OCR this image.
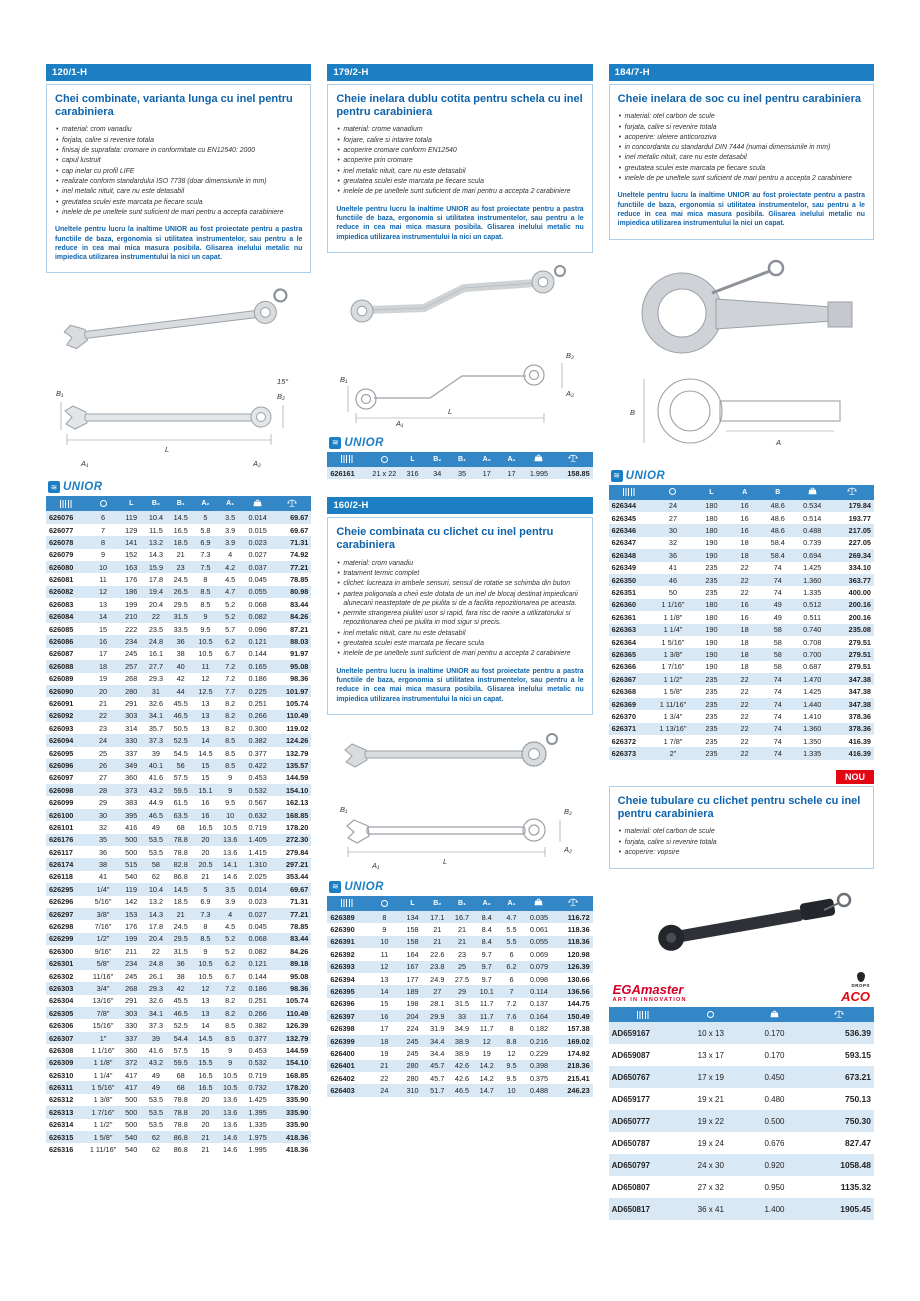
120/1-H
Chei combinate, varianta lunga cu inel pentru carabiniera
• material: crom vanadiu
• forjata, calire si revenire totala
• finisaj de suprafata: cromare in conformitate cu EN12540: 2000
• capul lustruit
• cap inelar cu profil LIFE
• realizate conform standardului ISO 7738 (doar dimensiunile in mm)
• inel metalic nituit, care nu este detasabil
• greutatea sculei este marcata pe fiecare scula
• inelele de pe uneltele sunt suficient de mari pentru a accepta carabiniere

Uneltele pentru lucru la inaltime UNIOR au fost proiectate pentru a pastra functiile de baza, ergonomia si utilitatea instrumentelor, sau pentru a le reduce in cea mai mica masura posibila. Glisarea inelului metalic nu impiedica utilizarea instrumentului la nici un capat.

B₁	B₂
L
A₁	A₂
15°
≋ UNIOR
		L	B₂	B₁	A₂	A₁		
626076	6	119	10.4	14.5	5	3.5	0.014	69.67
626077	7	129	11.5	16.5	5.8	3.9	0.015	69.67
626078	8	141	13.2	18.5	6.9	3.9	0.023	71.31
626079	9	152	14.3	21	7.3	4	0.027	74.92
626080	10	163	15.9	23	7.5	4.2	0.037	77.21
626081	11	176	17.8	24.5	8	4.5	0.045	78.85
626082	12	186	19.4	26.5	8.5	4.7	0.055	80.98
626083	13	199	20.4	29.5	8.5	5.2	0.068	83.44
626084	14	210	22	31.5	9	5.2	0.082	84.26
626085	15	222	23.5	33.5	9.5	5.7	0.096	87.21
626086	16	234	24.8	36	10.5	6.2	0.121	88.03
626087	17	245	16.1	38	10.5	6.7	0.144	91.97
626088	18	257	27.7	40	11	7.2	0.165	95.08
626089	19	268	29.3	42	12	7.2	0.186	98.36
626090	20	280	31	44	12.5	7.7	0.225	101.97
626091	21	291	32.6	45.5	13	8.2	0.251	105.74
626092	22	303	34.1	46.5	13	8.2	0.266	110.49
626093	23	314	35.7	50.5	13	8.2	0.300	119.02
626094	24	330	37.3	52.5	14	8.5	0.382	124.26
626095	25	337	39	54.5	14.5	8.5	0.377	132.79
626096	26	349	40.1	56	15	8.5	0.422	135.57
626097	27	360	41.6	57.5	15	9	0.453	144.59
626098	28	373	43.2	59.5	15.1	9	0.532	154.10
626099	29	383	44.9	61.5	16	9.5	0.567	162.13
626100	30	395	46.5	63.5	16	10	0.632	168.85
626101	32	416	49	68	16.5	10.5	0.719	178.20
626176	35	500	53.5	78.8	20	13.6	1.405	272.30
626117	36	500	53.5	78.8	20	13.6	1.415	279.84
626174	38	515	58	82.8	20.5	14.1	1.310	297.21
626118	41	540	62	86.8	21	14.6	2.025	353.44
626295	1/4"	119	10.4	14.5	5	3.5	0.014	69.67
626296	5/16"	142	13.2	18.5	6.9	3.9	0.023	71.31
626297	3/8"	153	14.3	21	7.3	4	0.027	77.21
626298	7/16"	176	17.8	24.5	8	4.5	0.045	78.85
626299	1/2"	199	20.4	29.5	8.5	5.2	0.068	83.44
626300	9/16"	211	22	31.5	9	5.2	0.082	84.26
626301	5/8"	234	24.8	36	10.5	6.2	0.121	89.18
626302	11/16"	245	26.1	38	10.5	6.7	0.144	95.08
626303	3/4"	268	29.3	42	12	7.2	0.186	98.36
626304	13/16"	291	32.6	45.5	13	8.2	0.251	105.74
626305	7/8"	303	34.1	46.5	13	8.2	0.266	110.49
626306	15/16"	330	37.3	52.5	14	8.5	0.382	126.39
626307	1"	337	39	54.4	14.5	8.5	0.377	132.79
626308	1 1/16"	360	41.6	57.5	15	9	0.453	144.59
626309	1 1/8"	372	43.2	59.5	15.5	9	0.532	154.10
626310	1 1/4"	417	49	68	16.5	10.5	0.719	168.85
626311	1 5/16"	417	49	68	16.5	10.5	0.732	178.20
626312	1 3/8"	500	53.5	78.8	20	13.6	1.425	335.90
626313	1 7/16"	500	53.5	78.8	20	13.6	1.395	335.90
626314	1 1/2"	500	53.5	78.8	20	13.6	1.335	335.90
626315	1 5/8"	540	62	86.8	21	14.6	1.975	418.36
626316	1 11/16"	540	62	86.8	21	14.6	1.995	418.36
179/2-H
Cheie inelara dublu cotita pentru schela cu inel pentru carabiniera
• material: crome vanadium
• forjare, calire si intarire totala
• acoperire cromare conform EN12540
• acoperire prin cromare
• inel metalic nituit, care nu este detasabil
• greutatea sculei este marcata pe fiecare scula
• inelele de pe uneltele sunt suficient de mari pentru a accepta 2 carabiniere

Uneltele pentru lucru la inaltime UNIOR au fost proiectate pentru a pastra functiile de baza, ergonomia si utilitatea instrumentelor, sau pentru a le reduce in cea mai mica masura posibila. Glisarea inelului metalic nu impiedica utilizarea instrumentului la nici un capat.

B₁
B₂
L
A₁
A₂
≋ UNIOR
		L	B₂	B₁	A₂	A₁		
626161	21 x 22	316	34	35	17	17	1.995	158.85
160/2-H
Cheie combinata cu clichet cu inel pentru carabiniera
• material: crom vanadiu
• tratament termic complet
• clichet: lucreaza in ambele sensuri, sensul de rotatie se schimba din buton
• partea poligonala a cheii este dotata de un inel de blocaj destinat impiedicarii alunecarii neasteptate de pe piulita si de a facilita repozitionarea pe aceasta.
• permite strangerea piulitei usor si rapid, fara risc de ranire a utilizatorului si repozitionarea cheii pe piulita in mod sigur si precis.
• inel metalic nituit, care nu este detasabil
• greutatea sculei este marcata pe fiecare scula
• inelele de pe uneltele sunt suficient de mari pentru a accepta 2 carabiniere

Uneltele pentru lucru la inaltime UNIOR au fost proiectate pentru a pastra functiile de baza, ergonomia si utilitatea instrumentelor, sau pentru a le reduce in cea mai mica masura posibila. Glisarea inelului metalic nu impiedica utilizarea instrumentului la nici un capat.

B₁	B₂
L
A₁
A₂
≋ UNIOR
		L	B₂	B₁	A₂	A₁		
626389	8	134	17.1	16.7	8.4	4.7	0.035	116.72
626390	9	158	21	21	8.4	5.5	0.061	118.36
626391	10	158	21	21	8.4	5.5	0.055	118.36
626392	11	164	22.6	23	9.7	6	0.069	120.98
626393	12	167	23.8	25	9.7	6.2	0.079	126.39
626394	13	177	24.9	27.5	9.7	6	0.098	130.66
626395	14	189	27	29	10.1	7	0.114	136.56
626396	15	198	28.1	31.5	11.7	7.2	0.137	144.75
626397	16	204	29.9	33	11.7	7.6	0.164	150.49
626398	17	224	31.9	34.9	11.7	8	0.182	157.38
626399	18	245	34.4	38.9	12	8.8	0.216	169.02
626400	19	245	34.4	38.9	19	12	0.229	174.92
626401	21	280	45.7	42.6	14.2	9.5	0.398	218.36
626402	22	280	45.7	42.6	14.2	9.5	0.375	215.41
626403	24	310	51.7	46.5	14.7	10	0.488	246.23
184/7-H
Cheie inelara de soc cu inel pentru carabiniera
• material: otel carbon de scule
• forjata, calire si revenire totala
• acoperire: uleiere anticoroziva
• in concordanta cu standardul DIN 7444 (numai dimensiunile in mm)
• inel metalic nituit, care nu este detasabil
• greutatea sculei este marcata pe fiecare scula
• inelele de pe uneltele sunt suficient de mari pentru a accepta 2 carabiniere

Uneltele pentru lucru la inaltime UNIOR au fost proiectate pentru a pastra functiile de baza, ergonomia si utilitatea instrumentelor, sau pentru a le reduce in cea mai mica masura posibila. Glisarea inelului metalic nu impiedica utilizarea instrumentului la nici un capat.

B
A
≋ UNIOR
		L	A	B		
626344	24	180	16	48.6	0.534	179.84
626345	27	180	16	48.6	0.514	193.77
626346	30	180	16	48.6	0.488	217.05
626347	32	190	18	58.4	0.739	227.05
626348	36	190	18	58.4	0.694	269.34
626349	41	235	22	74	1.425	334.10
626350	46	235	22	74	1.360	363.77
626351	50	235	22	74	1.335	400.00
626360	1 1/16"	180	16	49	0.512	200.16
626361	1 1/8"	180	16	49	0.511	200.16
626363	1 1/4"	190	18	58	0.740	235.08
626364	1 5/16"	190	18	58	0.708	279.51
626365	1 3/8"	190	18	58	0.700	279.51
626366	1 7/16"	190	18	58	0.687	279.51
626367	1 1/2"	235	22	74	1.470	347.38
626368	1 5/8"	235	22	74	1.425	347.38
626369	1 11/16"	235	22	74	1.440	347.38
626370	1 3/4"	235	22	74	1.410	378.36
626371	1 13/16"	235	22	74	1.360	378.36
626372	1 7/8"	235	22	74	1.350	416.39
626373	2"	235	22	74	1.335	416.39
NOU
Cheie tubulare cu clichet pentru schele cu inel pentru carabiniera
• material: otel carbon de scule
• forjata, calire si revenire totala
• acoperire: vopsire
EGAmaster
ART IN INNOVATION
DROPS
ACO

AD659167	10 x 13	0.170	536.39
AD659087	13 x 17	0.170	593.15
AD650767	17 x 19	0.450	673.21
AD659177	19 x 21	0.480	750.13
AD650777	19 x 22	0.500	750.30
AD650787	19 x 24	0.676	827.47
AD650797	24 x 30	0.920	1058.48
AD650807	27 x 32	0.950	1135.32
AD650817	36 x 41	1.400	1905.45
